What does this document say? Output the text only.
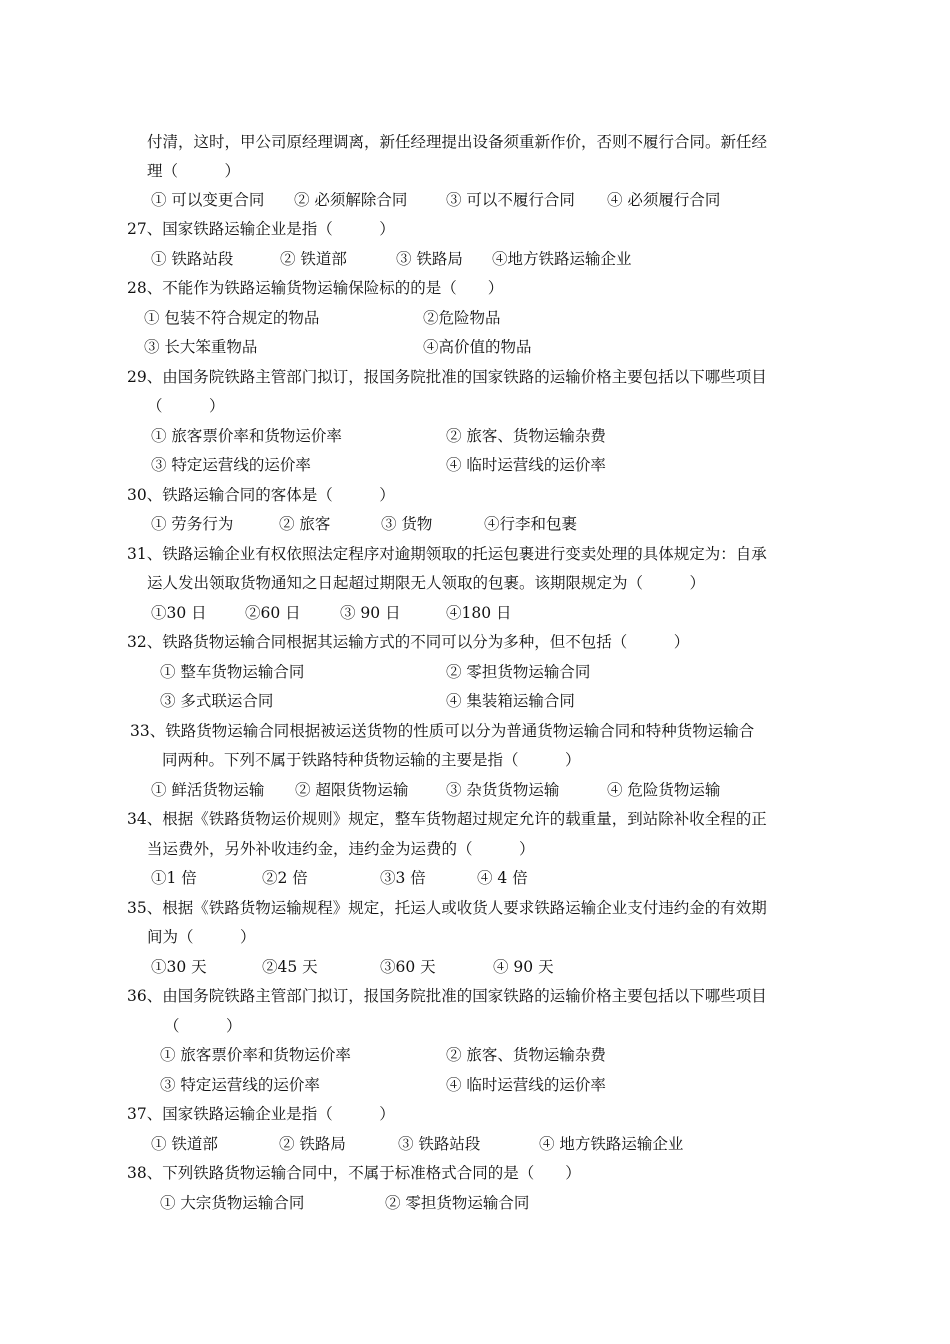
付清，这时，甲公司原经理调离，新任经理提出设备须重新作价，否则不履行合同。新任经
理（　　　）
① 可以变更合同 ② 必须解除合同 ③ 可以不履行合同 ④ 必须履行合同
27、国家铁路运输企业是指（　　　）
① 铁路站段	② 铁道部	③ 铁路局 ④地方铁路运输企业
28、不能作为铁路运输货物运输保险标的的是（　　）
① 包装不符合规定的物品	②危险物品
③ 长大笨重物品	④高价值的物品
29、由国务院铁路主管部门拟订，报国务院批准的国家铁路的运输价格主要包括以下哪些项目
（　　　）
① 旅客票价率和货物运价率	② 旅客、货物运输杂费
③ 特定运营线的运价率	④ 临时运营线的运价率
30、铁路运输合同的客体是（　　　）
① 劳务行为	② 旅客	③ 货物	④行李和包裹
31、铁路运输企业有权依照法定程序对逾期领取的托运包裹进行变卖处理的具体规定为：自承
运人发出领取货物通知之日起超过期限无人领取的包裹。该期限规定为（　　　）
①30 日 ②60 日	③ 90 日	④180 日
32、铁路货物运输合同根据其运输方式的不同可以分为多种，但不包括（　　　）
① 整车货物运输合同	② 零担货物运输合同
③ 多式联运合同	④ 集装箱运输合同
33、铁路货物运输合同根据被运送货物的性质可以分为普通货物运输合同和特种货物运输合
同两种。下列不属于铁路特种货物运输的主要是指（　　　）
① 鲜活货物运输 ② 超限货物运输 ③ 杂货货物运输	④ 危险货物运输
34、根据《铁路货物运价规则》规定，整车货物超过规定允许的载重量，到站除补收全程的正
当运费外，另外补收违约金，违约金为运费的（　　　）
①1 倍	②2 倍	③3 倍	④ 4 倍
35、根据《铁路货物运输规程》规定，托运人或收货人要求铁路运输企业支付违约金的有效期
间为（　　　）
①30 天	②45 天	③60 天	④ 90 天
36、由国务院铁路主管部门拟订，报国务院批准的国家铁路的运输价格主要包括以下哪些项目
（　　　）
① 旅客票价率和货物运价率	② 旅客、货物运输杂费
③ 特定运营线的运价率	④ 临时运营线的运价率
37、国家铁路运输企业是指（　　　）
① 铁道部	② 铁路局	③ 铁路站段	④ 地方铁路运输企业
38、下列铁路货物运输合同中，不属于标准格式合同的是（　　）
① 大宗货物运输合同	② 零担货物运输合同
